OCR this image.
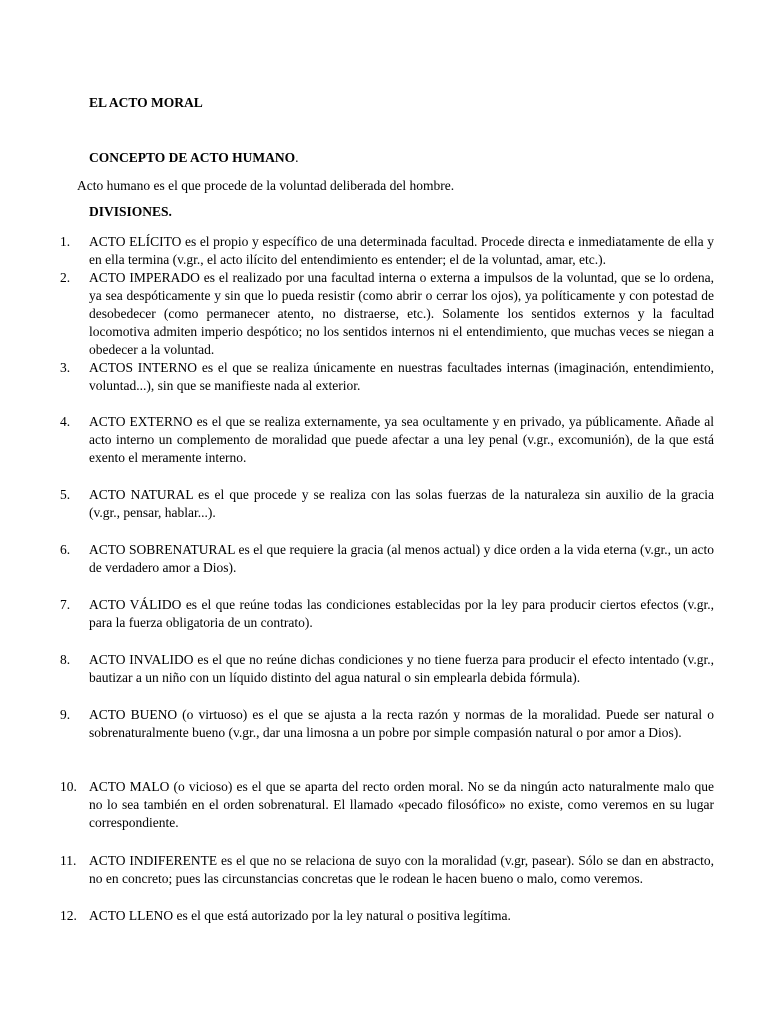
EL ACTO MORAL
CONCEPTO DE ACTO HUMANO.

Acto humano es el que procede de la voluntad deliberada del hombre.

DIVISIONES.
1.	ACTO ELÍCITO es el propio y específico de una determinada facultad. Procede directa e inmediatamente de ella y en ella termina (v.gr., el acto ilícito del entendimiento es entender; el de la voluntad, amar, etc.).
2.	ACTO IMPERADO es el realizado por una facultad interna o externa a impulsos de la voluntad, que se lo ordena, ya sea despóticamente y sin que lo pueda resistir (como abrir o cerrar los ojos), ya políticamente y con potestad de desobedecer (como permanecer atento, no distraerse, etc.). Solamente los sentidos externos y la facultad locomotiva admiten imperio despótico; no los sentidos internos ni el entendimiento, que muchas veces se niegan a obedecer a la voluntad.
3.	ACTOS INTERNO es el que se realiza únicamente en nuestras facultades internas (imaginación, entendimiento, voluntad...), sin que se manifieste nada al exterior.
4.	ACTO EXTERNO es el que se realiza externamente, ya sea ocultamente y en privado, ya públicamente. Añade al acto interno un complemento de moralidad que puede afectar a una ley penal (v.gr., excomunión), de la que está exento el meramente interno.
5.	ACTO NATURAL es el que procede y se realiza con las solas fuerzas de la naturaleza sin auxilio de la gracia (v.gr., pensar, hablar...).
6.	ACTO SOBRENATURAL es el que requiere la gracia (al menos actual) y dice orden a la vida eterna (v.gr., un acto de verdadero amor a Dios).
7.	ACTO VÁLIDO es el que reúne todas las condiciones establecidas por la ley para producir ciertos efectos (v.gr., para la fuerza obligatoria de un contrato).
8.	ACTO INVALIDO es el que no reúne dichas condiciones y no tiene fuerza para producir el efecto intentado (v.gr., bautizar a un niño con un líquido distinto del agua natural o sin emplearla debida fórmula).
9.	ACTO BUENO (o virtuoso) es el que se ajusta a la recta razón y normas de la moralidad. Puede ser natural o sobrenaturalmente bueno (v.gr., dar una limosna a un pobre por simple compasión natural o por amor a Dios).
10. ACTO MALO (o vicioso) es el que se aparta del recto orden moral. No se da ningún acto naturalmente malo que no lo sea también en el orden sobrenatural. El llamado «pecado filosófico» no existe, como veremos en su lugar correspondiente.
11. ACTO INDIFERENTE es el que no se relaciona de suyo con la moralidad (v.gr, pasear). Sólo se dan en abstracto, no en concreto; pues las circunstancias concretas que le rodean le hacen bueno o malo, como veremos.
12. ACTO LLENO es el que está autorizado por la ley natural o positiva legítima.
